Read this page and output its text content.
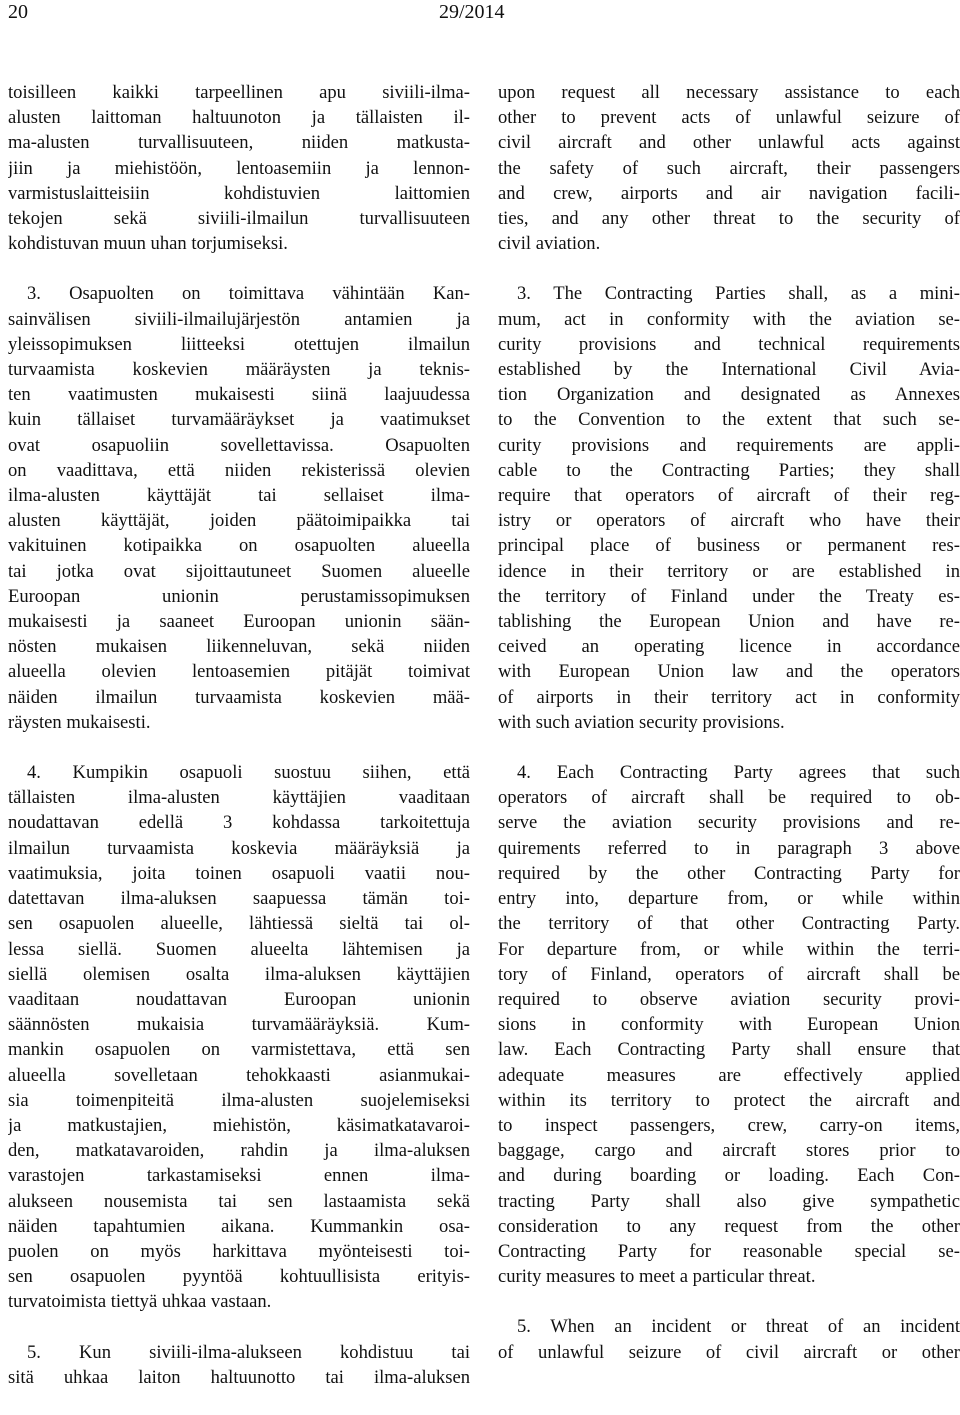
20	29/2014
toisilleen kaikki tarpeellinen apu siviili-ilma-
alusten laittoman haltuunoton ja tällaisten il-
ma-alusten turvallisuuteen, niiden matkusta-
jiin ja miehistöön, lentoasemiin ja lennon-
varmistuslaitteisiin kohdistuvien laittomien
tekojen sekä siviili-ilmailun turvallisuuteen
kohdistuvan muun uhan torjumiseksi.
3. Osapuolten on toimittava vähintään Kan-
sainvälisen siviili-ilmailujärjestön antamien ja
yleissopimuksen liitteeksi otettujen ilmailun
turvaamista koskevien määräysten ja teknis-
ten vaatimusten mukaisesti siinä laajuudessa
kuin tällaiset turvamääräykset ja vaatimukset
ovat osapuoliin sovellettavissa. Osapuolten
on vaadittava, että niiden rekisterissä olevien
ilma-alusten käyttäjät tai sellaiset ilma-
alusten käyttäjät, joiden päätoimipaikka tai
vakituinen kotipaikka on osapuolten alueella
tai jotka ovat sijoittautuneet Suomen alueelle
Euroopan unionin perustamissopimuksen
mukaisesti ja saaneet Euroopan unionin sään-
nösten mukaisen liikenneluvan, sekä niiden
alueella olevien lentoasemien pitäjät toimivat
näiden ilmailun turvaamista koskevien mää-
räysten mukaisesti.
4. Kumpikin osapuoli suostuu siihen, että
tällaisten ilma-alusten käyttäjien vaaditaan
noudattavan edellä 3 kohdassa tarkoitettuja
ilmailun turvaamista koskevia määräyksiä ja
vaatimuksia, joita toinen osapuoli vaatii nou-
datettavan ilma-aluksen saapuessa tämän toi-
sen osapuolen alueelle, lähtiessä sieltä tai ol-
lessa siellä. Suomen alueelta lähtemisen ja
siellä olemisen osalta ilma-aluksen käyttäjien
vaaditaan noudattavan Euroopan unionin
säännösten mukaisia turvamääräyksiä. Kum-
mankin osapuolen on varmistettava, että sen
alueella sovelletaan tehokkaasti asianmukai-
sia toimenpiteitä ilma-alusten suojelemiseksi
ja matkustajien, miehistön, käsimatkatavaroi-
den, matkatavaroiden, rahdin ja ilma-aluksen
varastojen tarkastamiseksi ennen ilma-
alukseen nousemista tai sen lastaamista sekä
näiden tapahtumien aikana. Kummankin osa-
puolen on myös harkittava myönteisesti toi-
sen osapuolen pyyntöä kohtuullisista erityis-
turvatoimista tiettyä uhkaa vastaan.
5. Kun siviili-ilma-alukseen kohdistuu tai
sitä uhkaa laiton haltuunotto tai ilma-aluksen
upon request all necessary assistance to each
other to prevent acts of unlawful seizure of
civil aircraft and other unlawful acts against
the safety of such aircraft, their passengers
and crew, airports and air navigation facili-
ties, and any other threat to the security of
civil aviation.
3. The Contracting Parties shall, as a mini-
mum, act in conformity with the aviation se-
curity provisions and technical requirements
established by the International Civil Avia-
tion Organization and designated as Annexes
to the Convention to the extent that such se-
curity provisions and requirements are appli-
cable to the Contracting Parties; they shall
require that operators of aircraft of their reg-
istry or operators of aircraft who have their
principal place of business or permanent res-
idence in their territory or are established in
the territory of Finland under the Treaty es-
tablishing the European Union and have re-
ceived an operating licence in accordance
with European Union law and the operators
of airports in their territory act in conformity
with such aviation security provisions.
4. Each Contracting Party agrees that such
operators of aircraft shall be required to ob-
serve the aviation security provisions and re-
quirements referred to in paragraph 3 above
required by the other Contracting Party for
entry into, departure from, or while within
the territory of that other Contracting Party.
For departure from, or while within the terri-
tory of Finland, operators of aircraft shall be
required to observe aviation security provi-
sions in conformity with European Union
law. Each Contracting Party shall ensure that
adequate measures are effectively applied
within its territory to protect the aircraft and
to inspect passengers, crew, carry-on items,
baggage, cargo and aircraft stores prior to
and during boarding or loading. Each Con-
tracting Party shall also give sympathetic
consideration to any request from the other
Contracting Party for reasonable special se-
curity measures to meet a particular threat.
5. When an incident or threat of an incident
of unlawful seizure of civil aircraft or other
